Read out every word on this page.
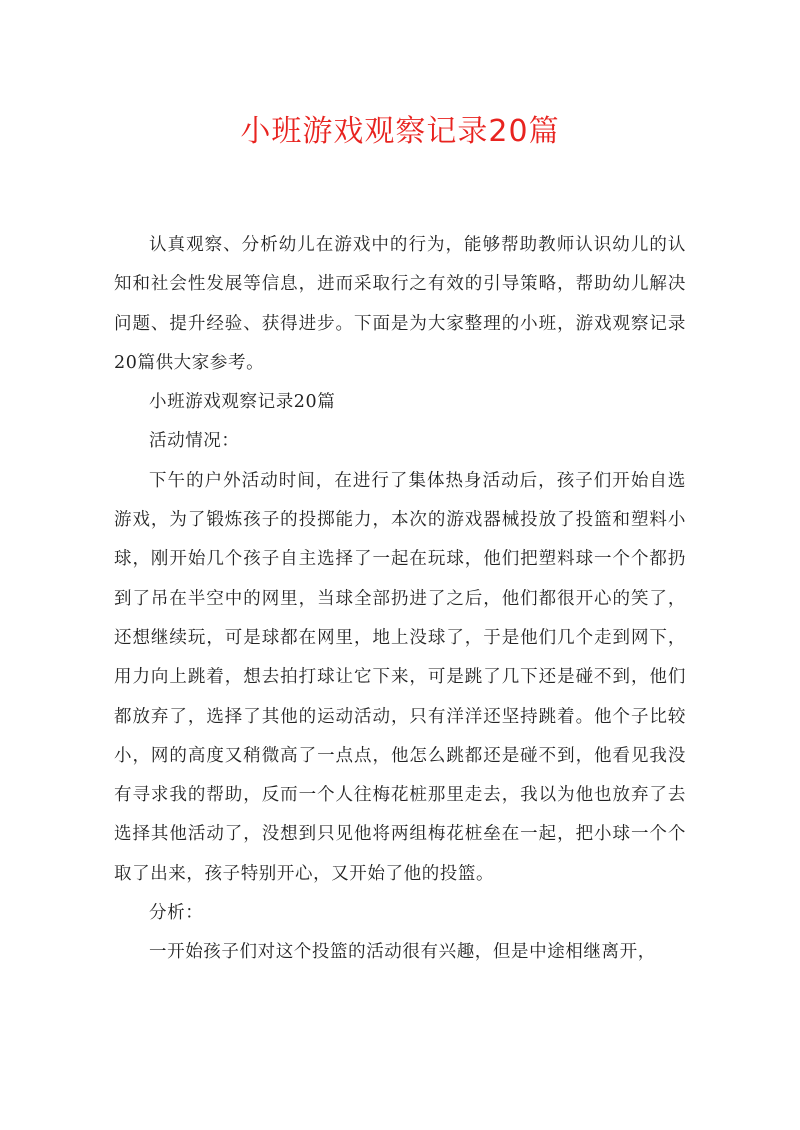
小班游戏观察记录20篇

认真观察、分析幼儿在游戏中的行为，能够帮助教师认识幼儿的认知和社会性发展等信息，进而采取行之有效的引导策略，帮助幼儿解决问题、提升经验、获得进步。下面是为大家整理的小班，游戏观察记录20篇供大家参考。

小班游戏观察记录20篇

活动情况：

下午的户外活动时间，在进行了集体热身活动后，孩子们开始自选游戏，为了锻炼孩子的投掷能力，本次的游戏器械投放了投篮和塑料小球，刚开始几个孩子自主选择了一起在玩球，他们把塑料球一个个都扔到了吊在半空中的网里，当球全部扔进了之后，他们都很开心的笑了，还想继续玩，可是球都在网里，地上没球了，于是他们几个走到网下，用力向上跳着，想去拍打球让它下来，可是跳了几下还是碰不到，他们都放弃了，选择了其他的运动活动，只有洋洋还坚持跳着。他个子比较小，网的高度又稍微高了一点点，他怎么跳都还是碰不到，他看见我没有寻求我的帮助，反而一个人往梅花桩那里走去，我以为他也放弃了去选择其他活动了，没想到只见他将两组梅花桩垒在一起，把小球一个个取了出来，孩子特别开心，又开始了他的投篮。

分析：

一开始孩子们对这个投篮的活动很有兴趣，但是中途相继离开，
